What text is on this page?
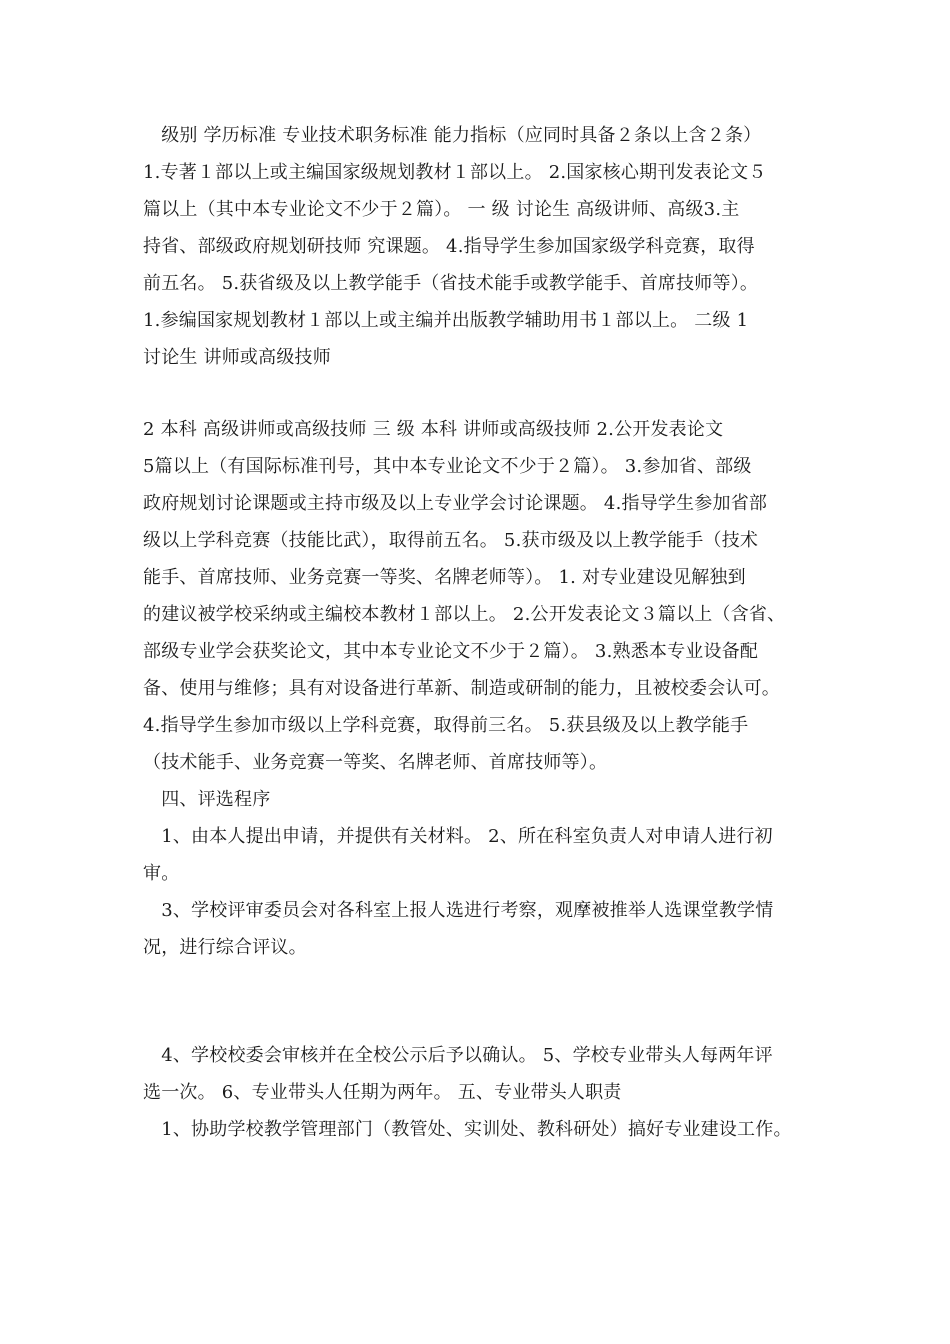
　级别 学历标准 专业技术职务标准 能力指标（应同时具备２条以上含２条）
1.专著１部以上或主编国家级规划教材１部以上。 2.国家核心期刊发表论文５
篇以上（其中本专业论文不少于２篇）。 一 级 讨论生 高级讲师、高级3.主
持省、部级政府规划研技师 究课题。 4.指导学生参加国家级学科竞赛，取得
前五名。 5.获省级及以上教学能手（省技术能手或教学能手、首席技师等）。
1.参编国家规划教材１部以上或主编并出版教学辅助用书１部以上。 二级 1
讨论生 讲师或高级技师
2 本科 高级讲师或高级技师 三 级 本科 讲师或高级技师 2.公开发表论文
5篇以上（有国际标准刊号，其中本专业论文不少于２篇）。 3.参加省、部级
政府规划讨论课题或主持市级及以上专业学会讨论课题。 4.指导学生参加省部
级以上学科竞赛（技能比武），取得前五名。 5.获市级及以上教学能手（技术
能手、首席技师、业务竞赛一等奖、名牌老师等）。 1. 对专业建设见解独到
的建议被学校采纳或主编校本教材１部以上。 2.公开发表论文３篇以上（含省、
部级专业学会获奖论文，其中本专业论文不少于２篇）。 3.熟悉本专业设备配
备、使用与维修；具有对设备进行革新、制造或研制的能力，且被校委会认可。
4.指导学生参加市级以上学科竞赛，取得前三名。 5.获县级及以上教学能手
（技术能手、业务竞赛一等奖、名牌老师、首席技师等）。
　四、评选程序
　1、由本人提出申请，并提供有关材料。 2、所在科室负责人对申请人进行初
审。
　3、学校评审委员会对各科室上报人选进行考察，观摩被推举人选课堂教学情
况，进行综合评议。
　4、学校校委会审核并在全校公示后予以确认。 5、学校专业带头人每两年评
选一次。 6、专业带头人任期为两年。 五、专业带头人职责
　1、协助学校教学管理部门（教管处、实训处、教科研处）搞好专业建设工作。
